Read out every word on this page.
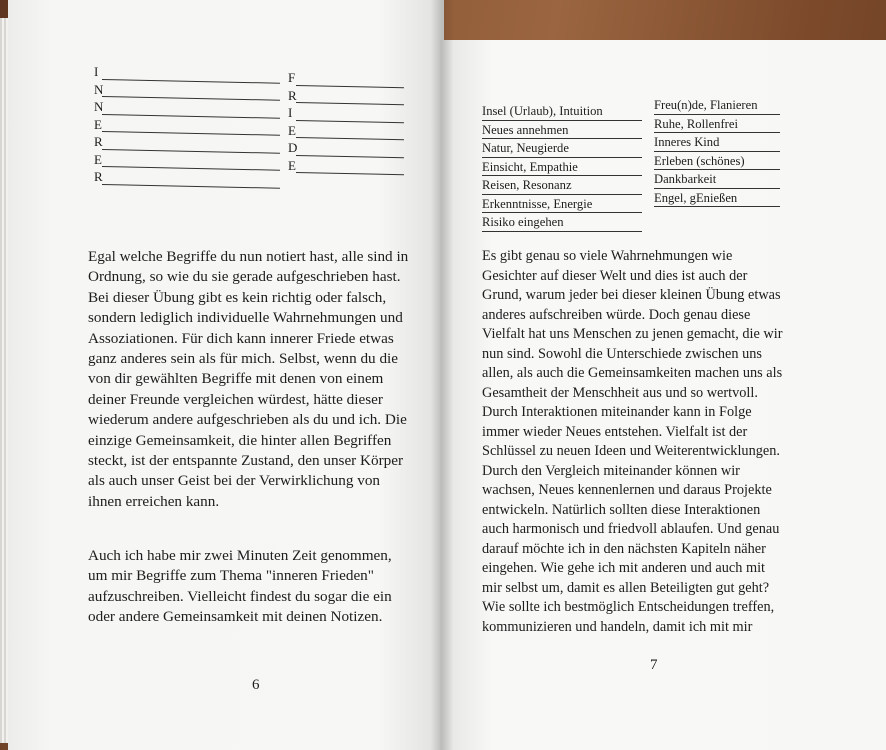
I
N
N
E
R
E
R
F
R
I
E
D
E
Egal welche Begriffe du nun notiert hast, alle sind in
Ordnung, so wie du sie gerade aufgeschrieben hast.
Bei dieser Übung gibt es kein richtig oder falsch,
sondern lediglich individuelle Wahrnehmungen und
Assoziationen. Für dich kann innerer Friede etwas
ganz anderes sein als für mich. Selbst, wenn du die
von dir gewählten Begriffe mit denen von einem
deiner Freunde vergleichen würdest, hätte dieser
wiederum andere aufgeschrieben als du und ich. Die
einzige Gemeinsamkeit, die hinter allen Begriffen
steckt, ist der entspannte Zustand, den unser Körper
als auch unser Geist bei der Verwirklichung von
ihnen erreichen kann.
Auch ich habe mir zwei Minuten Zeit genommen,
um mir Begriffe zum Thema "inneren Frieden"
aufzuschreiben. Vielleicht findest du sogar die ein
oder andere Gemeinsamkeit mit deinen Notizen.
6
Insel (Urlaub), Intuition
Neues annehmen
Natur, Neugierde
Einsicht, Empathie
Reisen, Resonanz
Erkenntnisse, Energie
Risiko eingehen
Freu(n)de, Flanieren
Ruhe, Rollenfrei
Inneres Kind
Erleben (schönes)
Dankbarkeit
Engel, gEnießen
Es gibt genau so viele Wahrnehmungen wie
Gesichter auf dieser Welt und dies ist auch der
Grund, warum jeder bei dieser kleinen Übung etwas
anderes aufschreiben würde. Doch genau diese
Vielfalt hat uns Menschen zu jenen gemacht, die wir
nun sind. Sowohl die Unterschiede zwischen uns
allen, als auch die Gemeinsamkeiten machen uns als
Gesamtheit der Menschheit aus und so wertvoll.
Durch Interaktionen miteinander kann in Folge
immer wieder Neues entstehen. Vielfalt ist der
Schlüssel zu neuen Ideen und Weiterentwicklungen.
Durch den Vergleich miteinander können wir
wachsen, Neues kennenlernen und daraus Projekte
entwickeln. Natürlich sollten diese Interaktionen
auch harmonisch und friedvoll ablaufen. Und genau
darauf möchte ich in den nächsten Kapiteln näher
eingehen. Wie gehe ich mit anderen und auch mit
mir selbst um, damit es allen Beteiligten gut geht?
Wie sollte ich bestmöglich Entscheidungen treffen,
kommunizieren und handeln, damit ich mit mir
7
